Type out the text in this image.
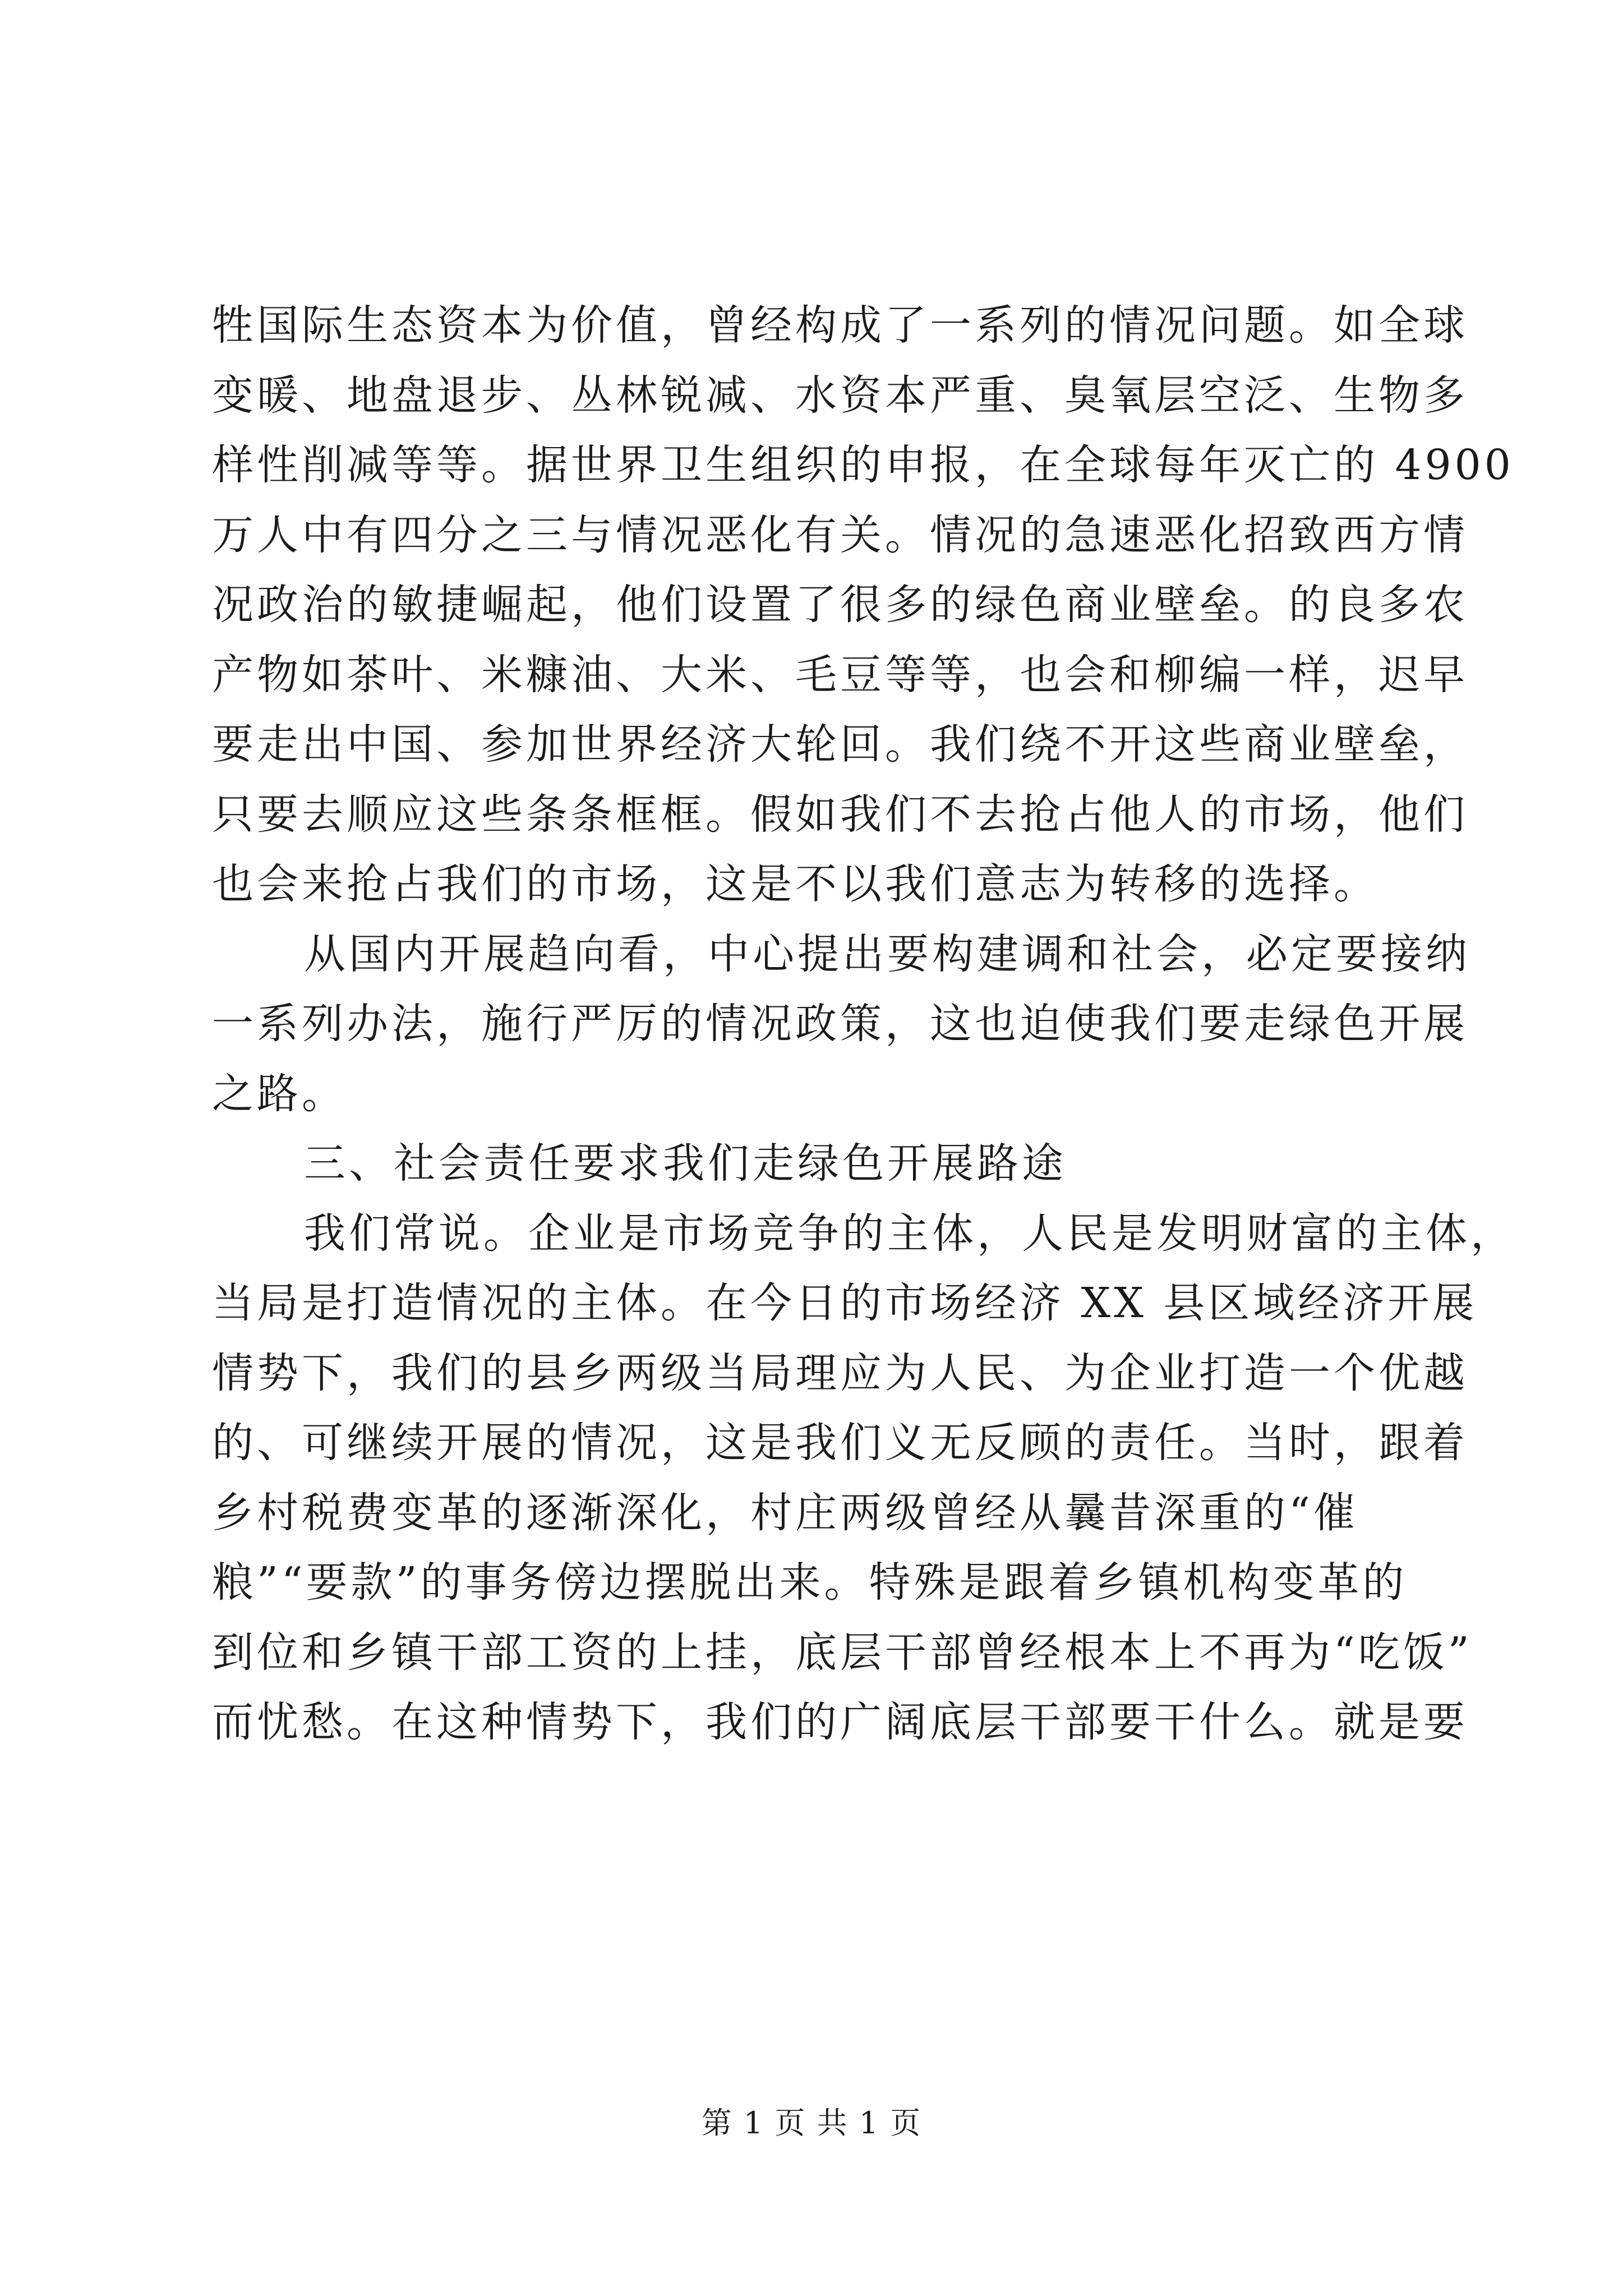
牲国际生态资本为价值，曾经构成了一系列的情况问题。如全球
变暖、地盘退步、丛林锐减、水资本严重、臭氧层空泛、生物多
样性削减等等。据世界卫生组织的申报，在全球每年灭亡的 4900
万人中有四分之三与情况恶化有关。情况的急速恶化招致西方情
况政治的敏捷崛起，他们设置了很多的绿色商业壁垒。的良多农
产物如茶叶、米糠油、大米、毛豆等等，也会和柳编一样，迟早
要走出中国、参加世界经济大轮回。我们绕不开这些商业壁垒，
只要去顺应这些条条框框。假如我们不去抢占他人的市场，他们
也会来抢占我们的市场，这是不以我们意志为转移的选择。
从国内开展趋向看，中心提出要构建调和社会，必定要接纳
一系列办法，施行严厉的情况政策，这也迫使我们要走绿色开展
之路。
三、社会责任要求我们走绿色开展路途
我们常说。企业是市场竞争的主体，人民是发明财富的主体，
当局是打造情况的主体。在今日的市场经济 XX 县区域经济开展
情势下，我们的县乡两级当局理应为人民、为企业打造一个优越
的、可继续开展的情况，这是我们义无反顾的责任。当时，跟着
乡村税费变革的逐渐深化，村庄两级曾经从曩昔深重的“催
粮”“要款”的事务傍边摆脱出来。特殊是跟着乡镇机构变革的
到位和乡镇干部工资的上挂，底层干部曾经根本上不再为“吃饭”
而忧愁。在这种情势下，我们的广阔底层干部要干什么。就是要
第 1 页 共 1 页
